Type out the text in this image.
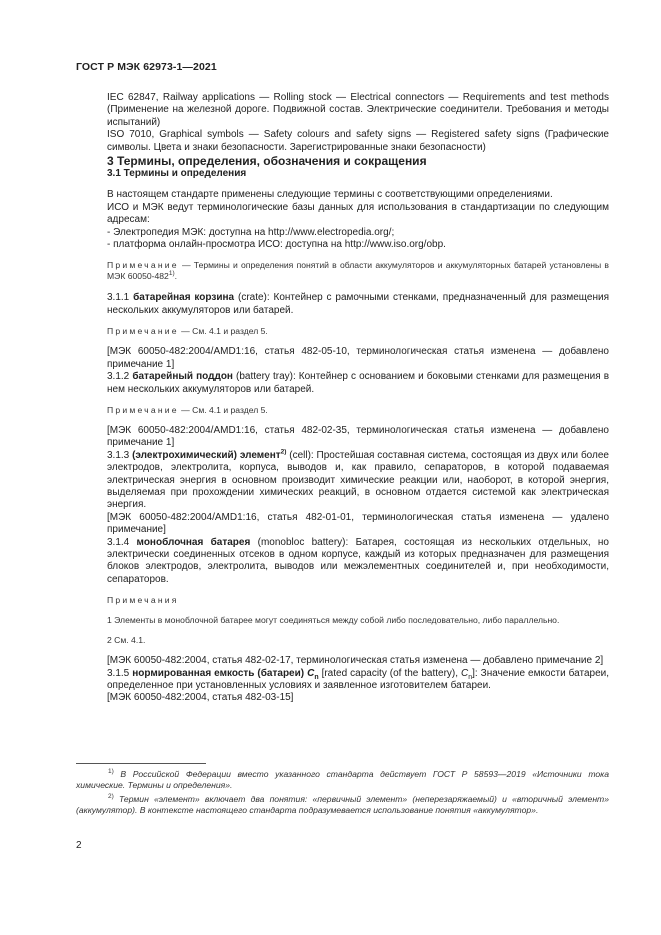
ГОСТ Р МЭК 62973-1—2021

IEC 62847, Railway applications — Rolling stock — Electrical connectors — Requirements and test methods (Применение на железной дороге. Подвижной состав. Электрические соединители. Требования и методы испытаний)

ISO 7010, Graphical symbols — Safety colours and safety signs — Registered safety signs (Графические символы. Цвета и знаки безопасности. Зарегистрированные знаки безопасности)

3 Термины, определения, обозначения и сокращения

3.1 Термины и определения

В настоящем стандарте применены следующие термины с соответствующими определениями.

ИСО и МЭК ведут терминологические базы данных для использования в стандартизации по следующим адресам:

- Электропедия МЭК: доступна на http://www.electropedia.org/;

- платформа онлайн-просмотра ИСО: доступна на http://www.iso.org/obp.

Примечание — Термины и определения понятий в области аккумуляторов и аккумуляторных батарей установлены в МЭК 60050-482$^{1)}$.

3.1.1 батарейная корзина (crate): Контейнер с рамочными стенками, предназначенный для размещения нескольких аккумуляторов или батарей.

Примечание — См. 4.1 и раздел 5.

[МЭК 60050-482:2004/AMD1:16, статья 482-05-10, терминологическая статья изменена — добавлено примечание 1]

3.1.2 батарейный поддон (battery tray): Контейнер с основанием и боковыми стенками для размещения в нем нескольких аккумуляторов или батарей.

Примечание — См. 4.1 и раздел 5.

[МЭК 60050-482:2004/AMD1:16, статья 482-02-35, терминологическая статья изменена — добавлено примечание 1]

3.1.3 (электрохимический) элемент$^{2)}$ (cell): Простейшая составная система, состоящая из двух или более электродов, электролита, корпуса, выводов и, как правило, сепараторов, в которой подаваемая электрическая энергия в основном производит химические реакции или, наоборот, в которой энергия, выделяемая при прохождении химических реакций, в основном отдается системой как электрическая энергия.

[МЭК 60050-482:2004/AMD1:16, статья 482-01-01, терминологическая статья изменена — удалено примечание]

3.1.4 моноблочная батарея (monobloc battery): Батарея, состоящая из нескольких отдельных, но электрически соединенных отсеков в одном корпусе, каждый из которых предназначен для размещения блоков электродов, электролита, выводов или межэлементных соединителей и, при необходимости, сепараторов.

Примечания

1 Элементы в моноблочной батарее могут соединяться между собой либо последовательно, либо параллельно.

2 См. 4.1.

[МЭК 60050-482:2004, статья 482-02-17, терминологическая статья изменена — добавлено примечание 2]

3.1.5 нормированная емкость (батареи) $C_n$ [rated capacity (of the battery), $C_n$]: Значение емкости батареи, определенное при установленных условиях и заявленное изготовителем батареи.

[МЭК 60050-482:2004, статья 482-03-15]

$^{1)}$ В Российской Федерации вместо указанного стандарта действует ГОСТ Р 58593—2019 «Источники тока химические. Термины и определения».

$^{2)}$ Термин «элемент» включает два понятия: «первичный элемент» (неперезаряжаемый) и «вторичный элемент» (аккумулятор). В контексте настоящего стандарта подразумевается использование понятия «аккумулятор».

2
